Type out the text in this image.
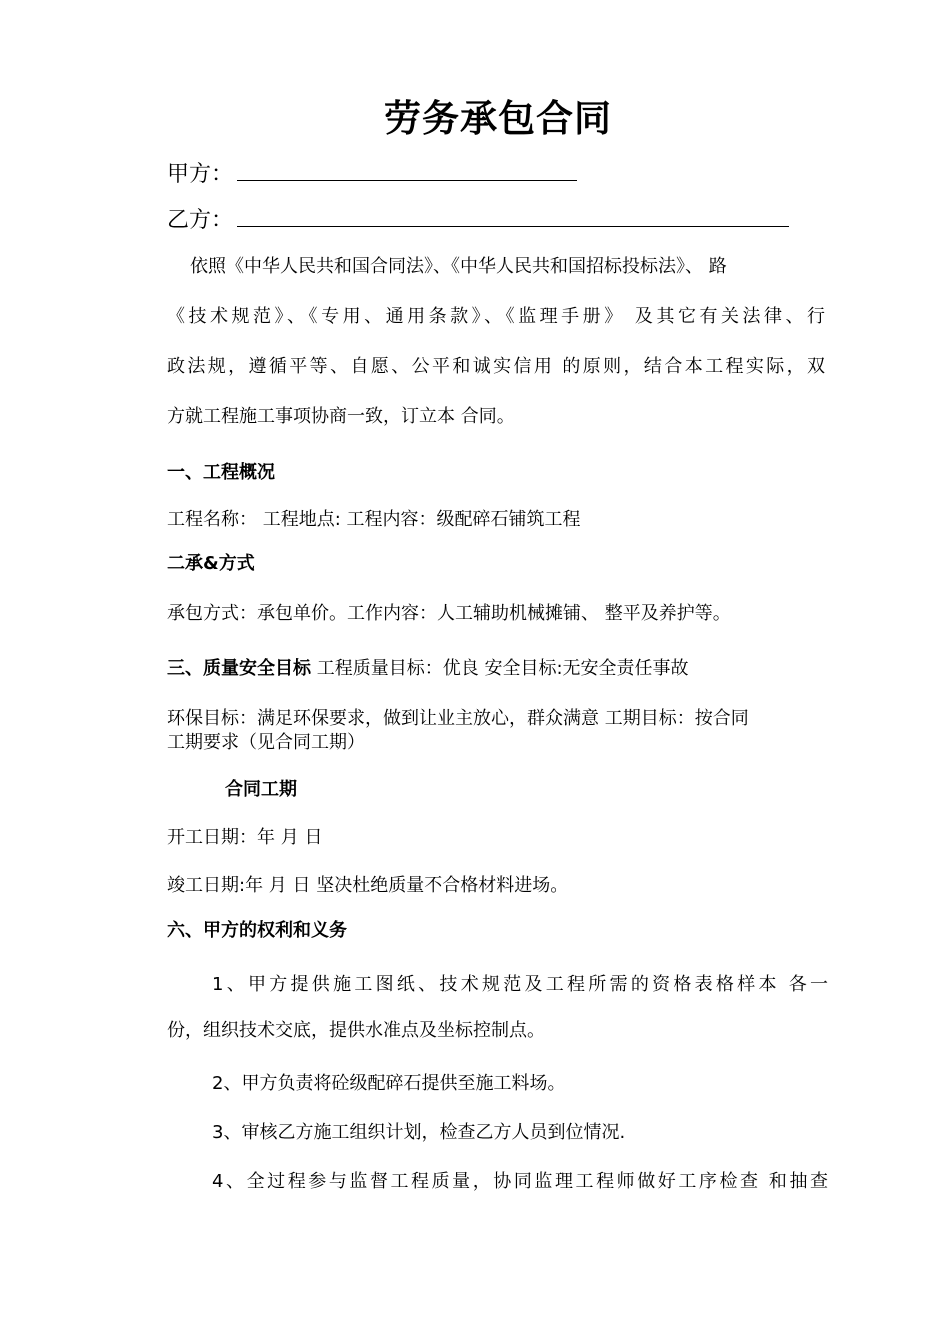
劳务承包合同
甲方：
乙方：
依照《中华人民共和国合同法》、《中华人民共和国招标投标法》、 路
《技术规范》、《专用、通用条款》、《监理手册》 及其它有关法律、行
政法规，遵循平等、自愿、公平和诚实信用 的原则，结合本工程实际，双
方就工程施工事项协商一致，订立本 合同。
一、工程概况
工程名称： 工程地点: 工程内容：级配碎石铺筑工程
二承&方式
承包方式：承包单价。工作内容：人工辅助机械摊铺、 整平及养护等。
三、质量安全目标 工程质量目标：优良 安全目标:无安全责任事故
环保目标：满足环保要求，做到让业主放心，群众满意 工期目标：按合同
工期要求（见合同工期）
合同工期
开工日期：年 月 日
竣工日期:年 月 日 坚决杜绝质量不合格材料进场。
六、甲方的权利和义务
1、甲方提供施工图纸、技术规范及工程所需的资格表格样本 各一
份，组织技术交底，提供水准点及坐标控制点。
2、甲方负责将砼级配碎石提供至施工料场。
3、审核乙方施工组织计划，检查乙方人员到位情况.
4、全过程参与监督工程质量，协同监理工程师做好工序检查 和抽查
